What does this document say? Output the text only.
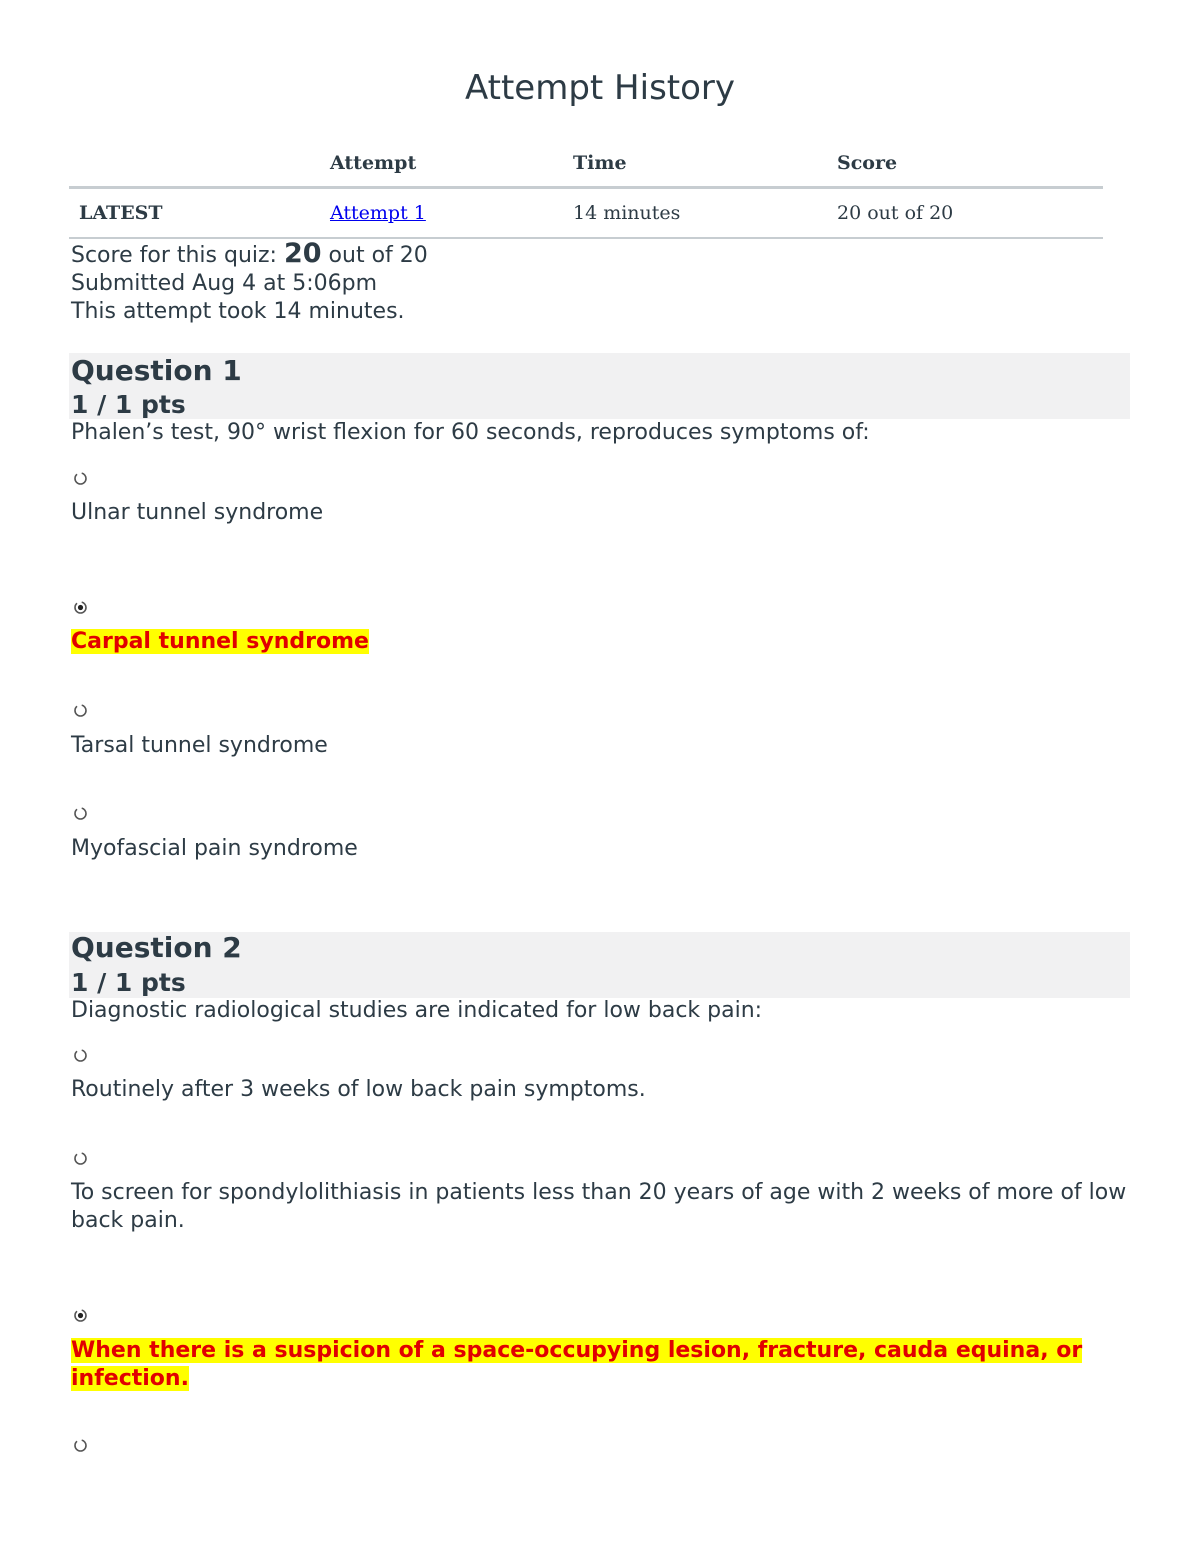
Attempt History
	Attempt	Time	Score
LATEST	Attempt 1	14 minutes	20 out of 20
Score for this quiz: 20 out of 20
Submitted Aug 4 at 5:06pm
This attempt took 14 minutes.
Question 1
1 / 1 pts
Phalen’s test, 90° wrist flexion for 60 seconds, reproduces symptoms of:
Ulnar tunnel syndrome
Carpal tunnel syndrome
Tarsal tunnel syndrome
Myofascial pain syndrome
Question 2
1 / 1 pts
Diagnostic radiological studies are indicated for low back pain:
Routinely after 3 weeks of low back pain symptoms.
To screen for spondylolithiasis in patients less than 20 years of age with 2 weeks of more of low back pain.
When there is a suspicion of a space-occupying lesion, fracture, cauda equina, or infection.
